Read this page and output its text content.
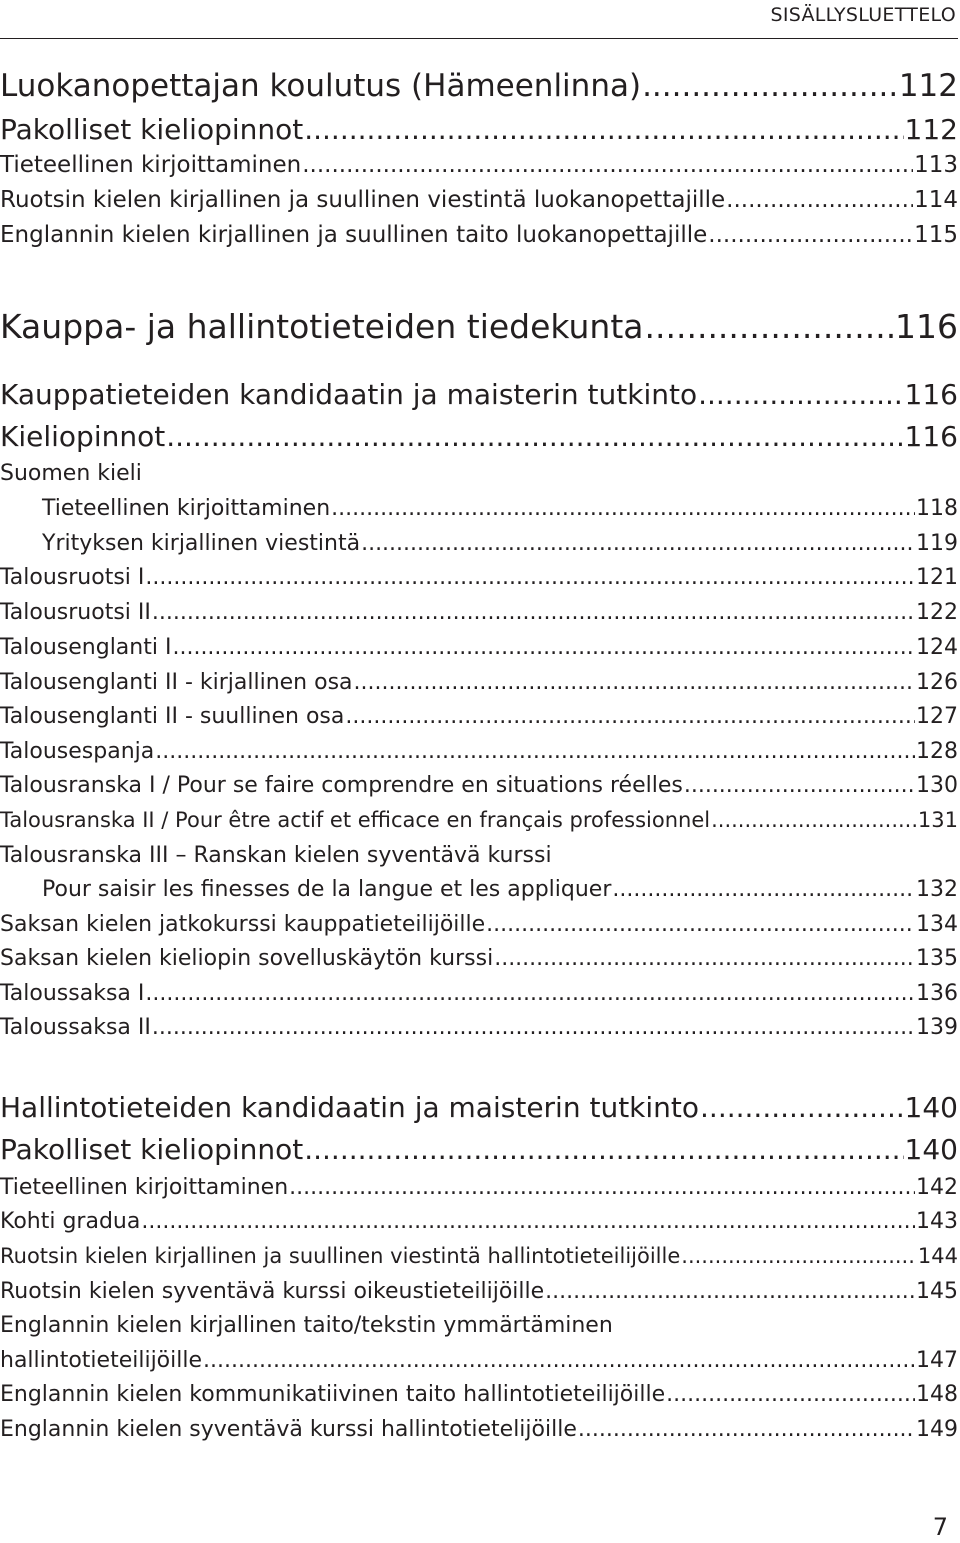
SISÄLLYSLUETTELO
Luokanopettajan koulutus (Hämeenlinna) .....	112
Pakolliset kieliopinnot .....	112
Tieteellinen kirjoittaminen .....	113
Ruotsin kielen kirjallinen ja suullinen viestintä luokanopettajille .....	114
Englannin kielen kirjallinen ja suullinen taito luokanopettajille .....	115
Kauppa- ja hallintotieteiden tiedekunta .....	116
Kauppatieteiden kandidaatin ja maisterin tutkinto .....	116
Kieliopinnot .....	116
Suomen kieli
Tieteellinen kirjoittaminen .....	118
Yrityksen kirjallinen viestintä .....	119
Talousruotsi I .....	121
Talousruotsi II .....	122
Talousenglanti I .....	124
Talousenglanti II - kirjallinen osa .....	126
Talousenglanti II - suullinen osa .....	127
Talousespanja .....	128
Talousranska I / Pour se faire comprendre en situations réelles .....	130
Talousranska II / Pour être actif et efficace en français professionnel .....	131
Talousranska III – Ranskan kielen syventävä kurssi
Pour saisir les finesses de la langue et les appliquer .....	132
Saksan kielen jatkokurssi kauppatieteilijöille .....	134
Saksan kielen kieliopin sovelluskäytön kurssi .....	135
Taloussaksa I .....	136
Taloussaksa II .....	139
Hallintotieteiden kandidaatin ja maisterin tutkinto .....	140
Pakolliset kieliopinnot .....	140
Tieteellinen kirjoittaminen .....	142
Kohti gradua .....	143
Ruotsin kielen kirjallinen ja suullinen viestintä hallintotieteilijöille .....	144
Ruotsin kielen syventävä kurssi oikeustieteilijöille .....	145
Englannin kielen kirjallinen taito/tekstin ymmärtäminen
hallintotieteilijöille .....	147
Englannin kielen kommunikatiivinen taito hallintotieteilijöille .....	148
Englannin kielen syventävä kurssi hallintotietelijöille .....	149
7
